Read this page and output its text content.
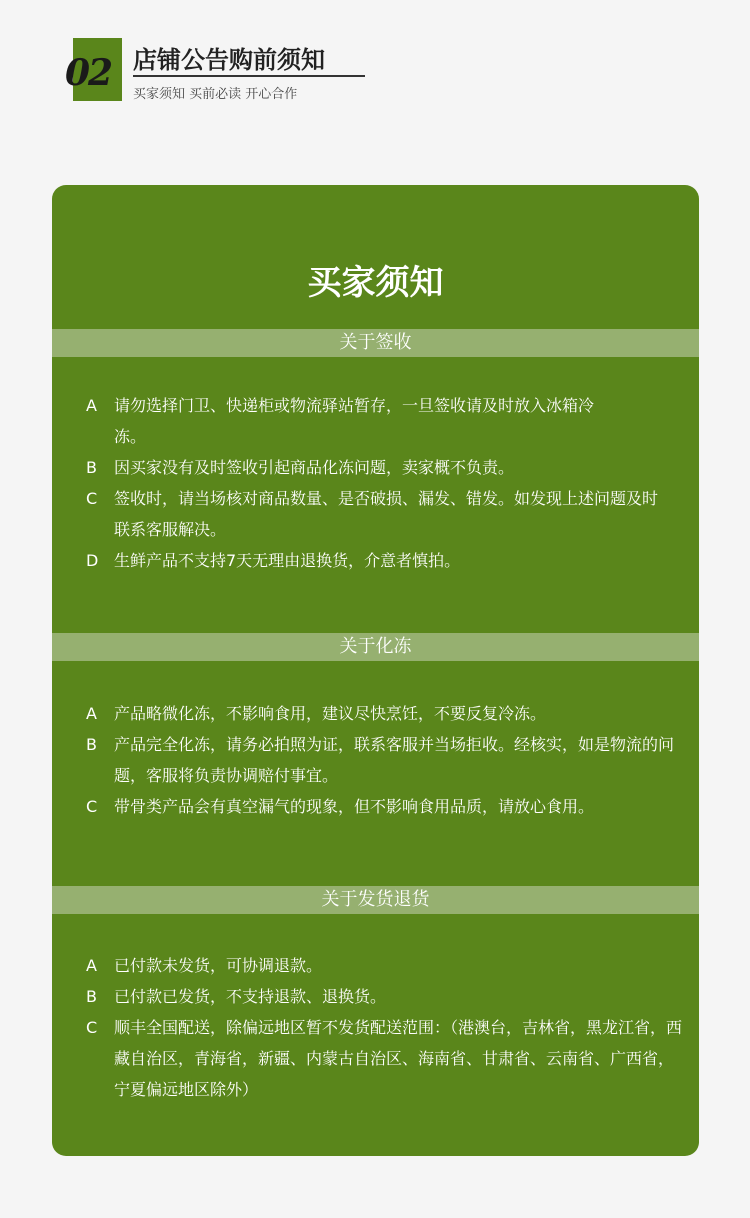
02 店铺公告购前须知
买家须知 买前必读 开心合作
买家须知
关于签收
A 请勿选择门卫、快递柜或物流驿站暂存，一旦签收请及时放入冰箱冷冻。
B 因买家没有及时签收引起商品化冻问题，卖家概不负责。
C 签收时，请当场核对商品数量、是否破损、漏发、错发。如发现上述问题及时联系客服解决。
D 生鲜产品不支持7天无理由退换货，介意者慎拍。
关于化冻
A 产品略微化冻，不影响食用，建议尽快烹饪，不要反复冷冻。
B 产品完全化冻，请务必拍照为证，联系客服并当场拒收。经核实，如是物流的问题，客服将负责协调赔付事宜。
C 带骨类产品会有真空漏气的现象，但不影响食用品质，请放心食用。
关于发货退货
A 已付款未发货，可协调退款。
B 已付款已发货，不支持退款、退换货。
C 顺丰全国配送，除偏远地区暂不发货配送范围：（港澳台，吉林省，黑龙江省，西藏自治区，青海省，新疆、内蒙古自治区、海南省、甘肃省、云南省、广西省，宁夏偏远地区除外）
